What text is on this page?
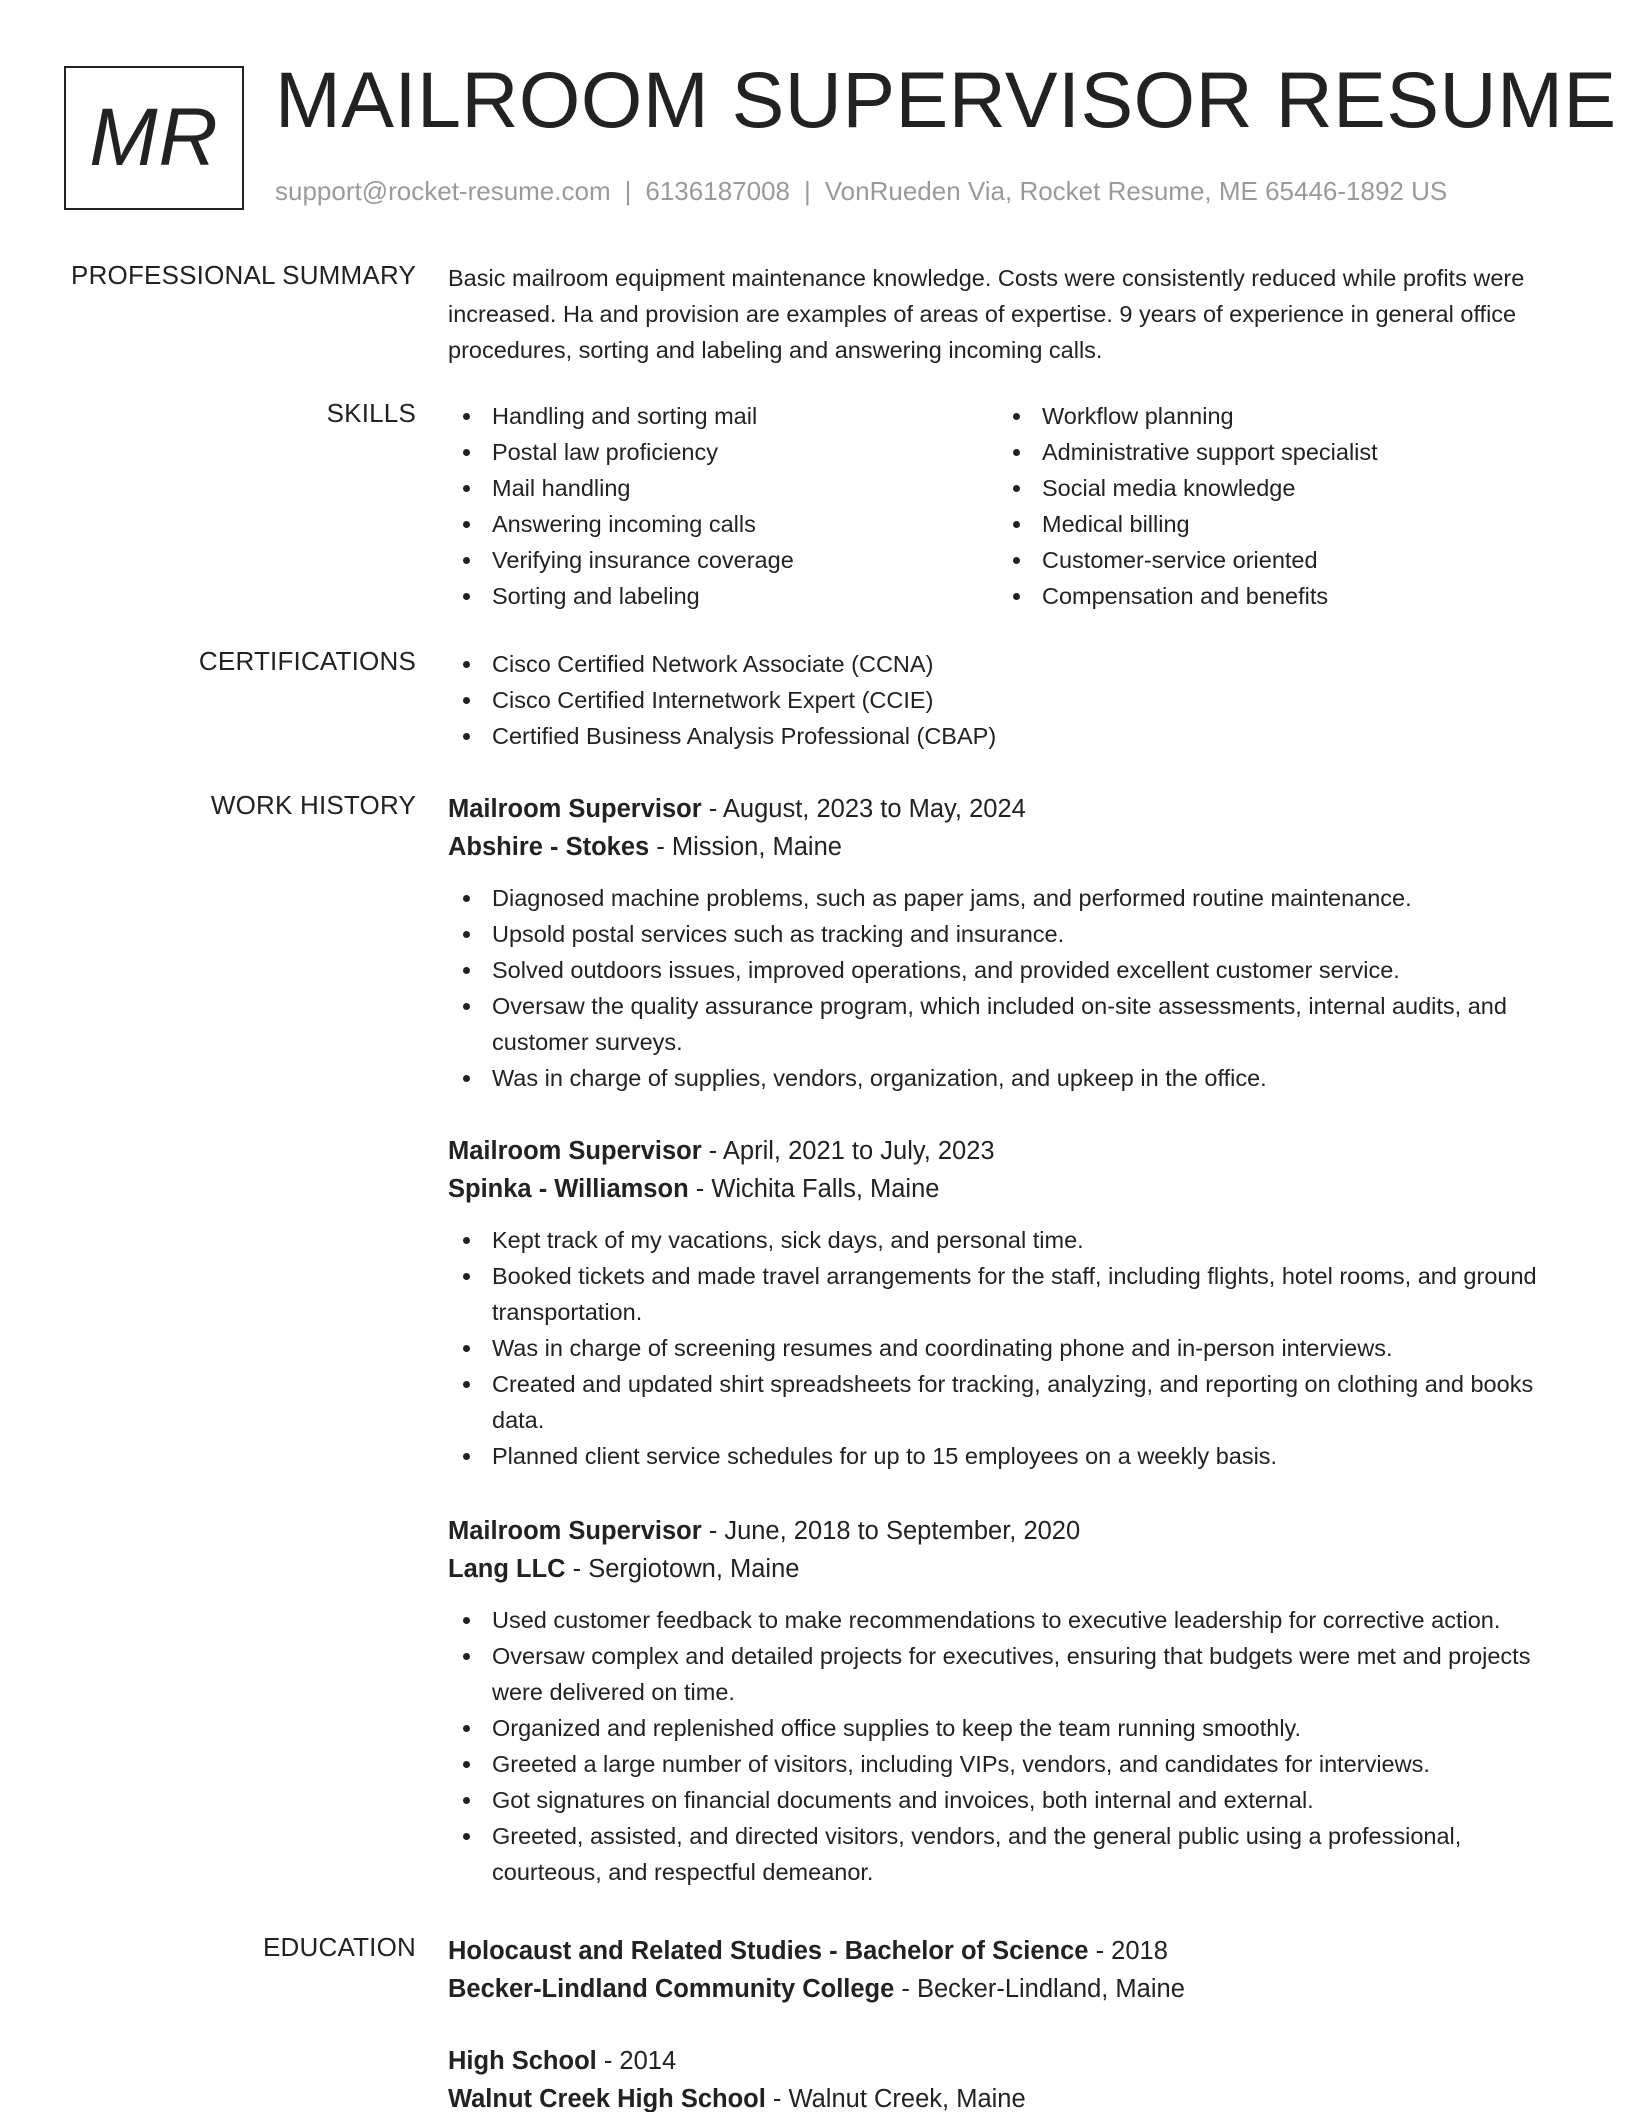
MR MAILROOM SUPERVISOR RESUME
support@rocket-resume.com | 6136187008 | VonRueden Via, Rocket Resume, ME 65446-1892 US
PROFESSIONAL SUMMARY Basic mailroom equipment maintenance knowledge. Costs were consistently reduced while profits were increased. Ha and provision are examples of areas of expertise. 9 years of experience in general office procedures, sorting and labeling and answering incoming calls.
SKILLS	Handling and sorting mail
Postal law proficiency
Mail handling
Answering incoming calls
Verifying insurance coverage
Sorting and labeling
Workflow planning
Administrative support specialist
Social media knowledge
Medical billing
Customer-service oriented
Compensation and benefits
CERTIFICATIONS	Cisco Certified Network Associate (CCNA)
Cisco Certified Internetwork Expert (CCIE)
Certified Business Analysis Professional (CBAP)
WORK HISTORY Mailroom Supervisor - August, 2023 to May, 2024
Abshire - Stokes - Mission, Maine
Diagnosed machine problems, such as paper jams, and performed routine maintenance.
Upsold postal services such as tracking and insurance.
Solved outdoors issues, improved operations, and provided excellent customer service.
Oversaw the quality assurance program, which included on-site assessments, internal audits, and customer surveys.
Was in charge of supplies, vendors, organization, and upkeep in the office.
Mailroom Supervisor - April, 2021 to July, 2023
Spinka - Williamson - Wichita Falls, Maine
Kept track of my vacations, sick days, and personal time.
Booked tickets and made travel arrangements for the staff, including flights, hotel rooms, and ground transportation.
Was in charge of screening resumes and coordinating phone and in-person interviews.
Created and updated shirt spreadsheets for tracking, analyzing, and reporting on clothing and books data.
Planned client service schedules for up to 15 employees on a weekly basis.
Mailroom Supervisor - June, 2018 to September, 2020
Lang LLC - Sergiotown, Maine
Used customer feedback to make recommendations to executive leadership for corrective action.
Oversaw complex and detailed projects for executives, ensuring that budgets were met and projects were delivered on time.
Organized and replenished office supplies to keep the team running smoothly.
Greeted a large number of visitors, including VIPs, vendors, and candidates for interviews.
Got signatures on financial documents and invoices, both internal and external.
Greeted, assisted, and directed visitors, vendors, and the general public using a professional, courteous, and respectful demeanor.
EDUCATION Holocaust and Related Studies - Bachelor of Science - 2018
Becker-Lindland Community College - Becker-Lindland, Maine
High School - 2014
Walnut Creek High School - Walnut Creek, Maine
